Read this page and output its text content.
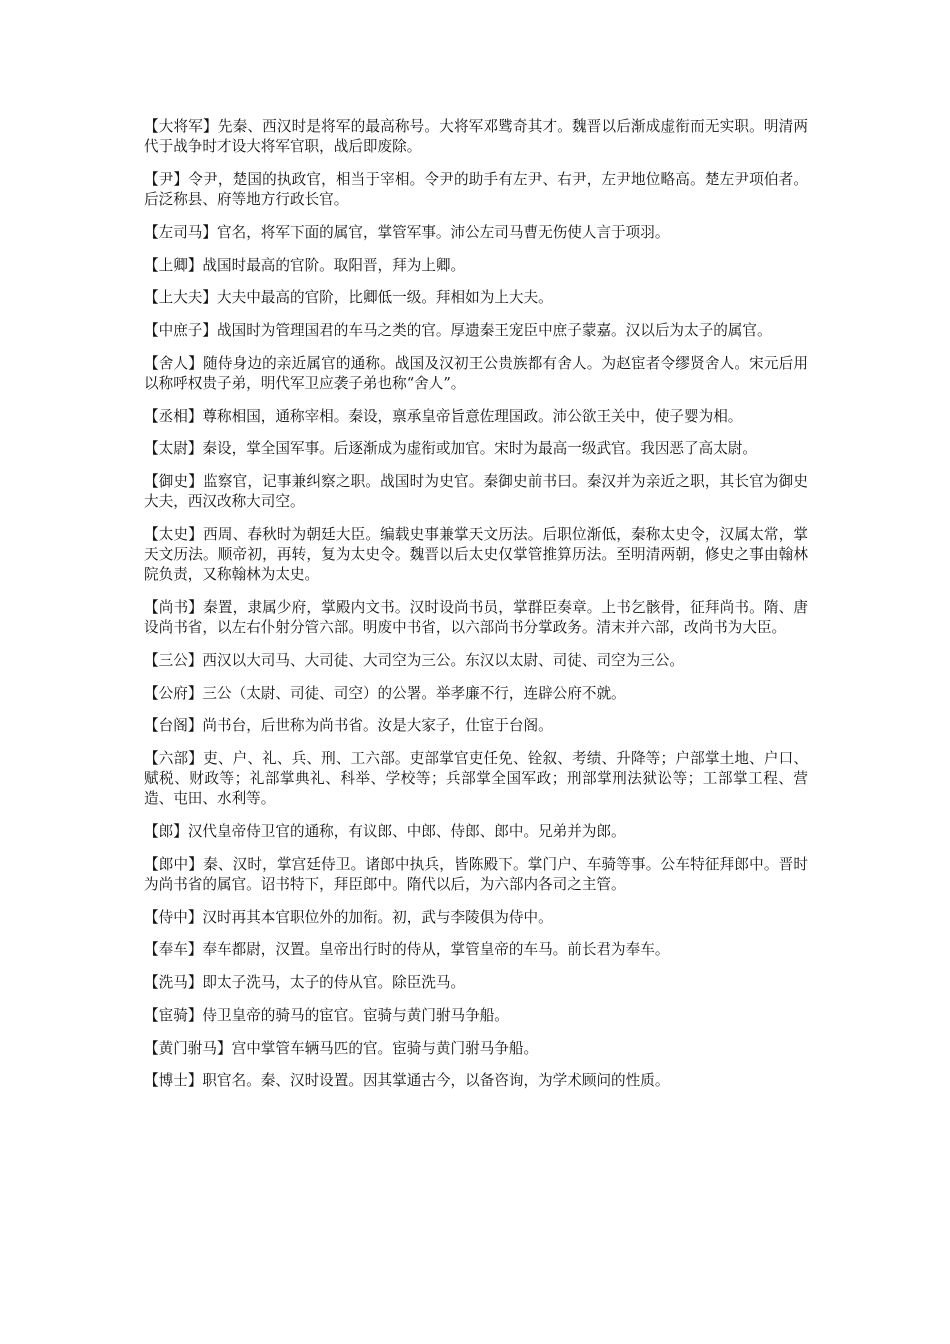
【 大将军 】 先秦、西汉时是将军的最高称号。大将军邓骘奇其才。魏晋以后渐成虚衔而无实职。明清两代于战争时才设大将军官职，战后即废除。

【 尹 】 令尹，楚国的执政官，相当于宰相。令尹的助手有左尹、右尹，左尹地位略高。楚左尹项伯者。后泛称县、府等地方行政长官。

【 左司马 】 官名，将军下面的属官，掌管军事。沛公左司马曹无伤使人言于项羽。

【 上卿 】 战国时最高的官阶。取阳晋，拜为上卿。

【 上大夫 】 大夫中最高的官阶，比卿低一级。拜相如为上大夫。

【 中庶子 】 战国时为管理国君的车马之类的官。厚遗秦王宠臣中庶子蒙嘉。汉以后为太子的属官。

【 舍人 】 随侍身边的亲近属官的通称。战国及汉初王公贵族都有舍人。为赵宦者令缪贤舍人。宋元后用以称呼权贵子弟，明代军卫应袭子弟也称“舍人”。

【 丞相 】 尊称相国，通称宰相。秦设，禀承皇帝旨意佐理国政。沛公欲王关中，使子婴为相。

【 太尉 】 秦设，掌全国军事。后逐渐成为虚衔或加官。宋时为最高一级武官。我因恶了高太尉。

【 御史 】 监察官，记事兼纠察之职。战国时为史官。秦御史前书曰。秦汉并为亲近之职，其长官为御史大夫，西汉改称大司空。

【 太史 】 西周、春秋时为朝廷大臣。编载史事兼掌天文历法。后职位渐低，秦称太史令，汉属太常，掌天文历法。顺帝初，再转，复为太史令。魏晋以后太史仅掌管推算历法。至明清两朝，修史之事由翰林院负责，又称翰林为太史。

【 尚书 】 秦置，隶属少府，掌殿内文书。汉时设尚书员，掌群臣奏章。上书乞骸骨，征拜尚书。隋、唐设尚书省，以左右仆射分管六部。明废中书省，以六部尚书分掌政务。清末并六部，改尚书为大臣。

【 三公 】 西汉以大司马、大司徒、大司空为三公。东汉以太尉、司徒、司空为三公。

【 公府 】 三公（太尉、司徒、司空）的公署。举孝廉不行，连辟公府不就。

【 台阁 】 尚书台，后世称为尚书省。汝是大家子，仕宦于台阁。

【 六部 】 吏、户、礼、兵、刑、工六部。吏部掌官吏任免、铨叙、考绩、升降等；户部掌土地、户口、赋税、财政等；礼部掌典礼、科举、学校等；兵部掌全国军政；刑部掌刑法狱讼等；工部掌工程、营造、屯田、水利等。

【 郎 】 汉代皇帝侍卫官的通称，有议郎、中郎、侍郎、郎中。兄弟并为郎。

【 郎中 】 秦、汉时，掌宫廷侍卫。诸郎中执兵，皆陈殿下。掌门户、车骑等事。公车特征拜郎中。晋时为尚书省的属官。诏书特下，拜臣郎中。隋代以后，为六部内各司之主管。

【 侍中 】 汉时再其本官职位外的加衔。初，武与李陵俱为侍中。

【 奉车 】 奉车都尉，汉置。皇帝出行时的侍从，掌管皇帝的车马。前长君为奉车。

【 洗马 】 即太子洗马，太子的侍从官。除臣洗马。

【 宦骑 】 侍卫皇帝的骑马的宦官。宦骑与黄门驸马争船。

【 黄门驸马 】 宫中掌管车辆马匹的官。宦骑与黄门驸马争船。

【 博士 】 职官名。秦、汉时设置。因其掌通古今，以备咨询，为学术顾问的性质。
